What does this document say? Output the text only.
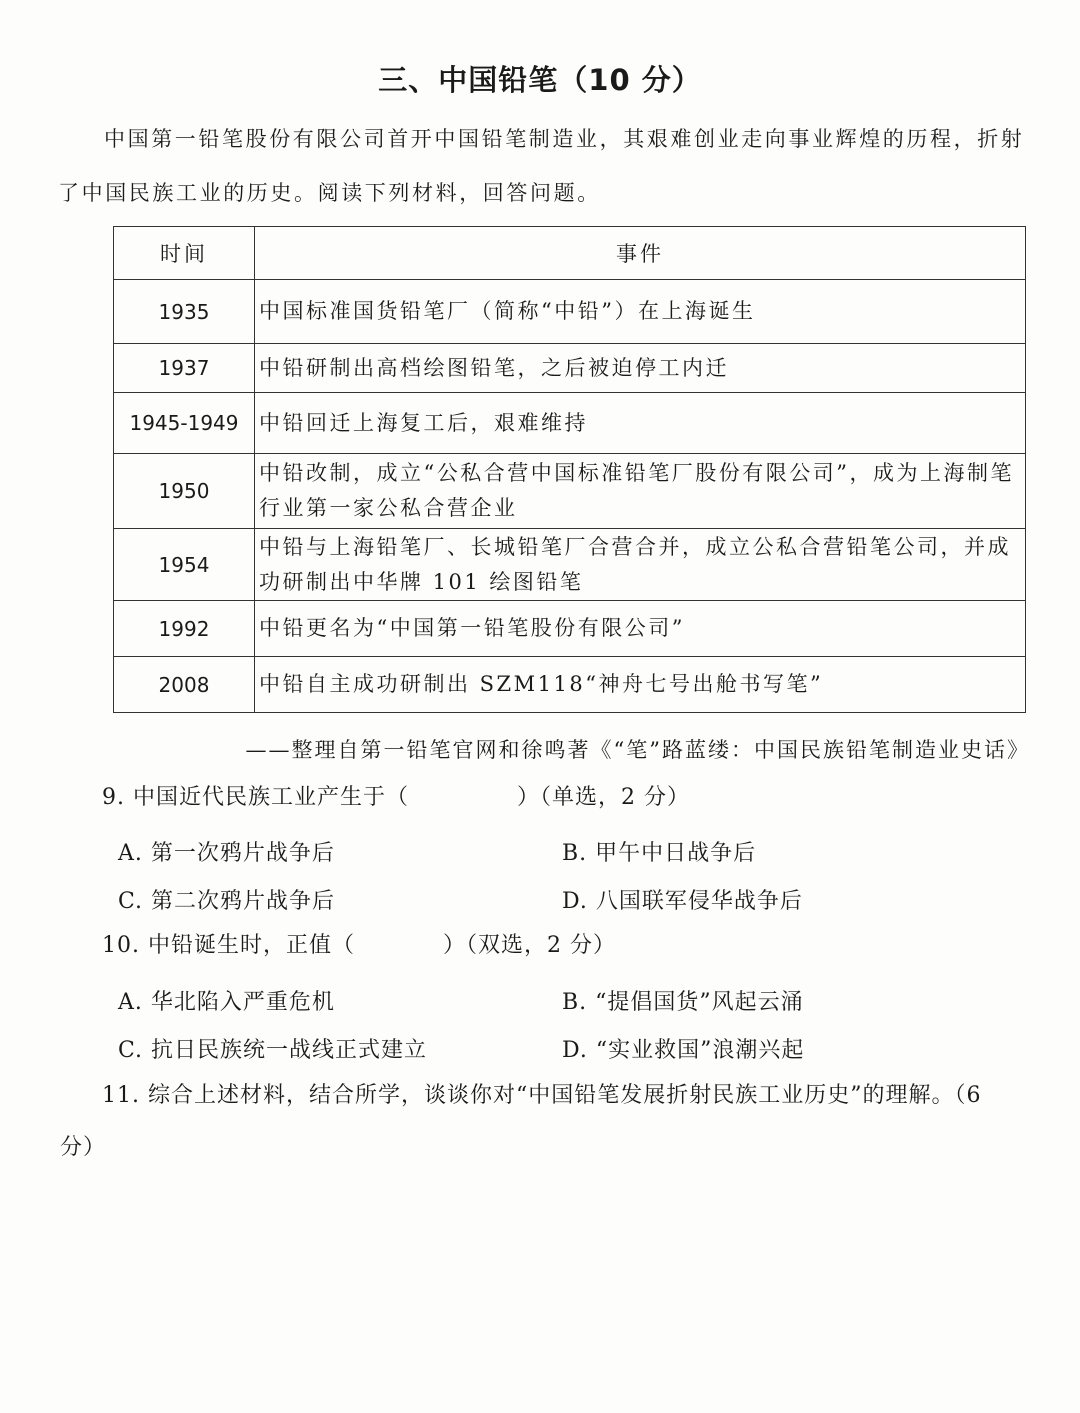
三、中国铅笔（10 分）
中国第一铅笔股份有限公司首开中国铅笔制造业，其艰难创业走向事业辉煌的历程，折射了中国民族工业的历史。阅读下列材料，回答问题。
时间	事件
1935	中国标准国货铅笔厂（简称“中铅”）在上海诞生
1937	中铅研制出高档绘图铅笔，之后被迫停工内迁
1945-1949	中铅回迁上海复工后，艰难维持
1950	中铅改制，成立“公私合营中国标准铅笔厂股份有限公司”，成为上海制笔行业第一家公私合营企业
1954	中铅与上海铅笔厂、长城铅笔厂合营合并，成立公私合营铅笔公司，并成功研制出中华牌 101 绘图铅笔
1992	中铅更名为“中国第一铅笔股份有限公司”
2008	中铅自主成功研制出 SZM118“神舟七号出舱书写笔”
——整理自第一铅笔官网和徐鸣著《“笔”路蓝缕：中国民族铅笔制造业史话》
9. 中国近代民族工业产生于（	）（单选，2 分）
A. 第一次鸦片战争后	B. 甲午中日战争后
C. 第二次鸦片战争后	D. 八国联军侵华战争后
10. 中铅诞生时，正值（	）（双选，2 分）
A. 华北陷入严重危机	B. “提倡国货”风起云涌
C. 抗日民族统一战线正式建立	D. “实业救国”浪潮兴起
11. 综合上述材料，结合所学，谈谈你对“中国铅笔发展折射民族工业历史”的理解。（6
分）
